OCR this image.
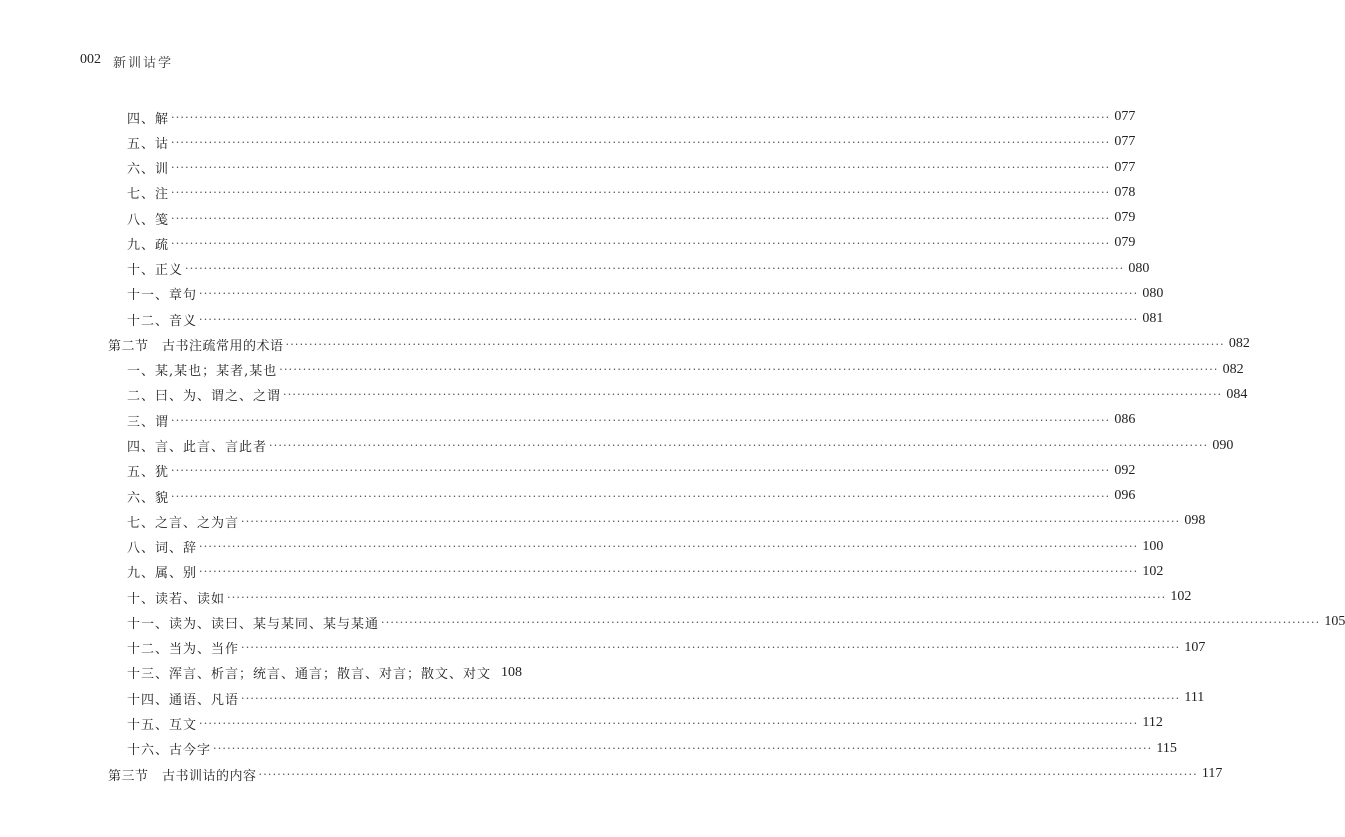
002 新训诂学
四、解 ········································································································································································································ 077
五、诂 ········································································································································································································ 077
六、训 ········································································································································································································ 077
七、注 ········································································································································································································ 078
八、笺 ········································································································································································································ 079
九、疏 ········································································································································································································ 079
十、正义 ········································································································································································································ 080
十一、章句 ········································································································································································································ 080
十二、音义 ········································································································································································································ 081
第二节　古书注疏常用的术语 ········································································································································································································ 082
一、某,某也；某者,某也 ········································································································································································································ 082
二、曰、为、谓之、之谓 ········································································································································································································ 084
三、谓 ········································································································································································································ 086
四、言、此言、言此者 ········································································································································································································ 090
五、犹 ········································································································································································································ 092
六、貌 ········································································································································································································ 096
七、之言、之为言 ········································································································································································································ 098
八、词、辞 ········································································································································································································ 100
九、属、别 ········································································································································································································ 102
十、读若、读如 ········································································································································································································ 102
十一、读为、读曰、某与某同、某与某通 ········································································································································································································ 105
十二、当为、当作 ········································································································································································································ 107
十三、浑言、析言；统言、通言；散言、对言；散文、对文 108
十四、通语、凡语 ········································································································································································································ 111
十五、互文 ········································································································································································································ 112
十六、古今字 ········································································································································································································ 115
第三节　古书训诂的内容 ········································································································································································································ 117
